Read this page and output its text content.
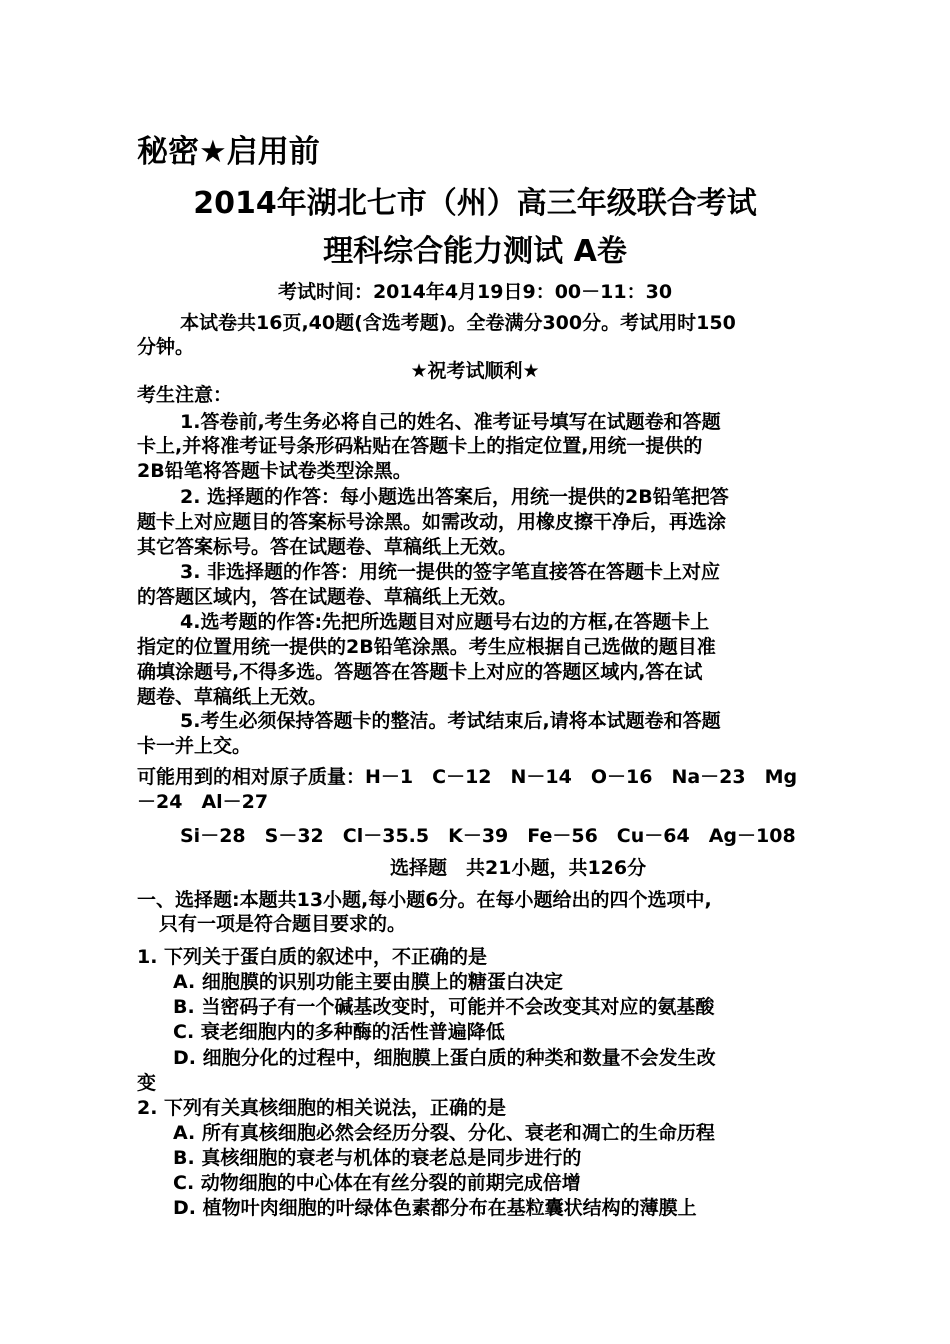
秘密★启用前
2014年湖北七市（州）高三年级联合考试
理科综合能力测试 A卷
考试时间：2014年4月19日9：00－11：30
本试卷共16页,40题(含选考题)。全卷满分300分。考试用时150
分钟。
★祝考试顺利★
考生注意：
1.答卷前,考生务必将自己的姓名、准考证号填写在试题卷和答题
卡上,并将准考证号条形码粘贴在答题卡上的指定位置,用统一提供的
2B铅笔将答题卡试卷类型涂黑。
2. 选择题的作答：每小题选出答案后，用统一提供的2B铅笔把答
题卡上对应题目的答案标号涂黑。如需改动，用橡皮擦干净后，再选涂
其它答案标号。答在试题卷、草稿纸上无效。
3. 非选择题的作答：用统一提供的签字笔直接答在答题卡上对应
的答题区域内，答在试题卷、草稿纸上无效。
4.选考题的作答:先把所选题目对应题号右边的方框,在答题卡上
指定的位置用统一提供的2B铅笔涂黑。考生应根据自己选做的题目准
确填涂题号,不得多选。答题答在答题卡上对应的答题区域内,答在试
题卷、草稿纸上无效。
5.考生必须保持答题卡的整洁。考试结束后,请将本试题卷和答题
卡一并上交。
可能用到的相对原子质量：H－1　C－12　N－14　O－16　Na－23　Mg
－24　Al－27
Si－28　S－32　Cl－35.5　K－39　Fe－56　Cu－64　Ag－108
选择题　共21小题，共126分
一、选择题:本题共13小题,每小题6分。在每小题给出的四个选项中,
只有一项是符合题目要求的。
1. 下列关于蛋白质的叙述中，不正确的是
A. 细胞膜的识别功能主要由膜上的糖蛋白决定
B. 当密码子有一个碱基改变时，可能并不会改变其对应的氨基酸
C. 衰老细胞内的多种酶的活性普遍降低
D. 细胞分化的过程中，细胞膜上蛋白质的种类和数量不会发生改
变
2. 下列有关真核细胞的相关说法，正确的是
A. 所有真核细胞必然会经历分裂、分化、衰老和凋亡的生命历程
B. 真核细胞的衰老与机体的衰老总是同步进行的
C. 动物细胞的中心体在有丝分裂的前期完成倍增
D. 植物叶肉细胞的叶绿体色素都分布在基粒囊状结构的薄膜上
